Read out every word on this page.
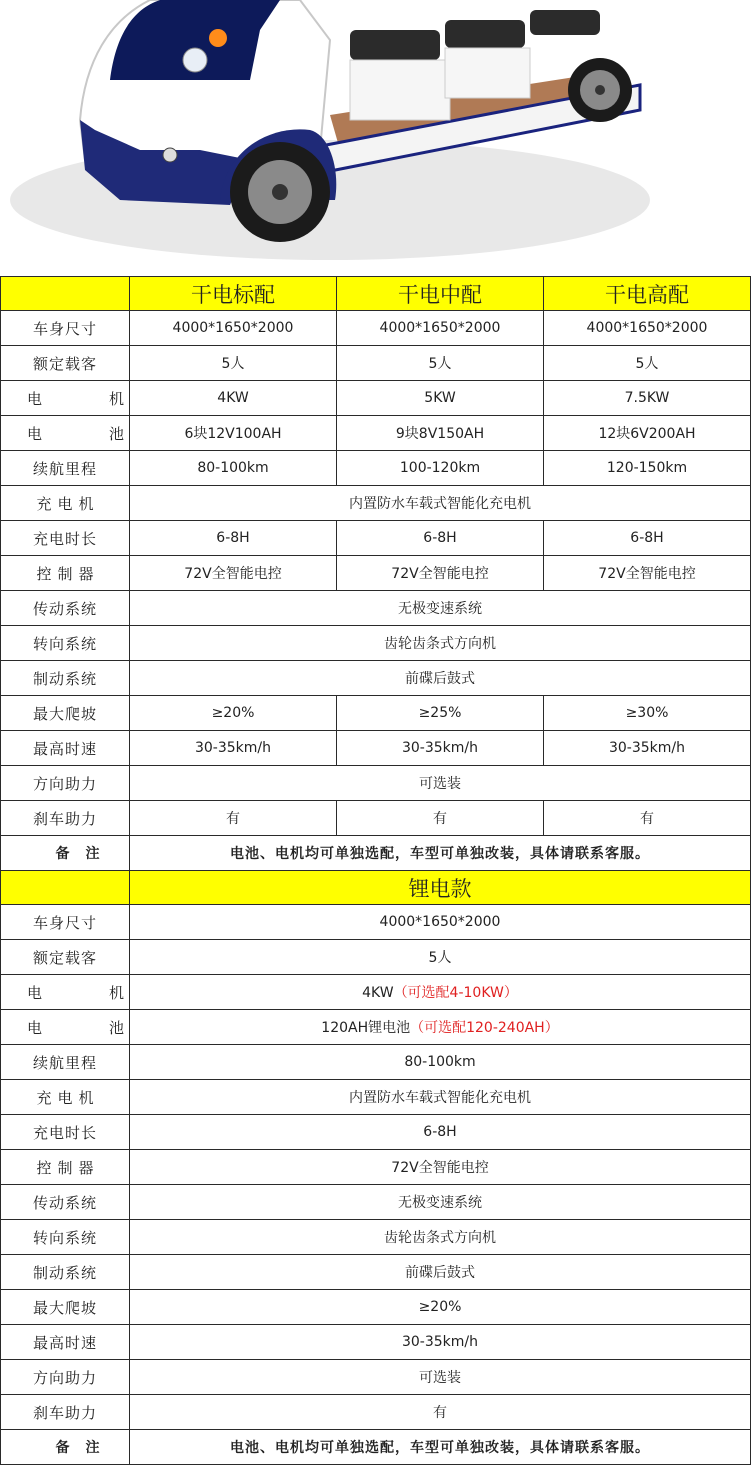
	干电标配	干电中配	干电高配
车身尺寸	4000*1650*2000	4000*1650*2000	4000*1650*2000
额定载客	5人	5人	5人
电　机	4KW	5KW	7.5KW
电　池	6块12V100AH	9块8V150AH	12块6V200AH
续航里程	80-100km	100-120km	120-150km
充电机	内置防水车载式智能化充电机		
充电时长	6-8H	6-8H	6-8H
控制器	72V全智能电控	72V全智能电控	72V全智能电控
传动系统	无极变速系统		
转向系统	齿轮齿条式方向机		
制动系统	前碟后鼓式		
最大爬坡	≥20%	≥25%	≥30%
最高时速	30-35km/h	30-35km/h	30-35km/h
方向助力	可选装		
刹车助力	有	有	有
备　注	电池、电机均可单独选配，车型可单独改装，具体请联系客服。		
	锂电款		
车身尺寸	4000*1650*2000		
额定载客	5人		
电　机	4KW（可选配4-10KW）		
电　池	120AH锂电池（可选配120-240AH）		
续航里程	80-100km		
充电机	内置防水车载式智能化充电机		
充电时长	6-8H		
控制器	72V全智能电控		
传动系统	无极变速系统		
转向系统	齿轮齿条式方向机		
制动系统	前碟后鼓式		
最大爬坡	≥20%		
最高时速	30-35km/h		
方向助力	可选装		
刹车助力	有		
备　注	电池、电机均可单独选配，车型可单独改装，具体请联系客服。		
